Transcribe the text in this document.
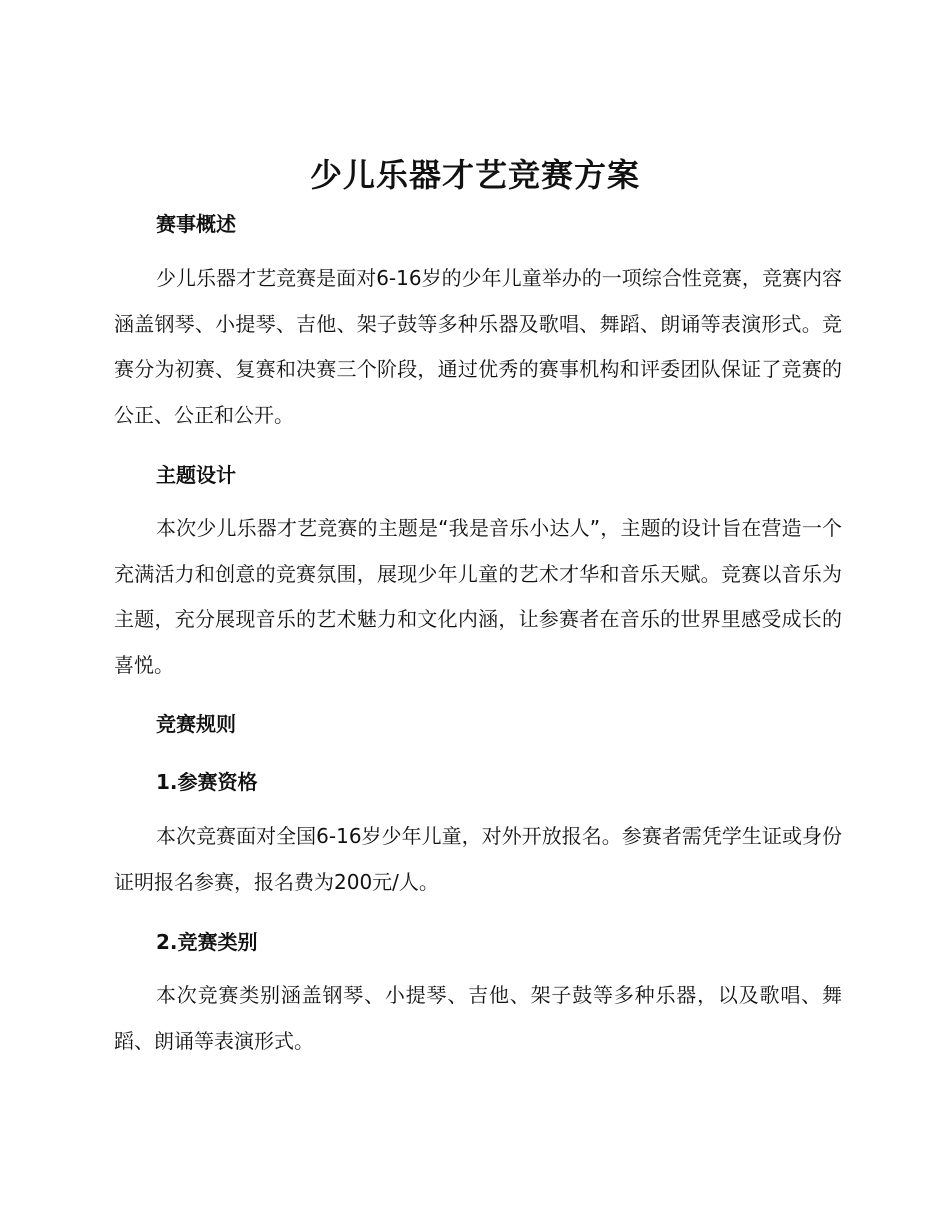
少儿乐器才艺竞赛方案
赛事概述

少儿乐器才艺竞赛是面对6-16岁的少年儿童举办的一项综合性竞赛，竞赛内容涵盖钢琴、小提琴、吉他、架子鼓等多种乐器及歌唱、舞蹈、朗诵等表演形式。竞赛分为初赛、复赛和决赛三个阶段，通过优秀的赛事机构和评委团队保证了竞赛的公正、公正和公开。

主题设计

本次少儿乐器才艺竞赛的主题是“我是音乐小达人”，主题的设计旨在营造一个充满活力和创意的竞赛氛围，展现少年儿童的艺术才华和音乐天赋。竞赛以音乐为主题，充分展现音乐的艺术魅力和文化内涵，让参赛者在音乐的世界里感受成长的喜悦。

竞赛规则
1.参赛资格

本次竞赛面对全国6-16岁少年儿童，对外开放报名。参赛者需凭学生证或身份证明报名参赛，报名费为200元/人。

2.竞赛类别

本次竞赛类别涵盖钢琴、小提琴、吉他、架子鼓等多种乐器，以及歌唱、舞蹈、朗诵等表演形式。
